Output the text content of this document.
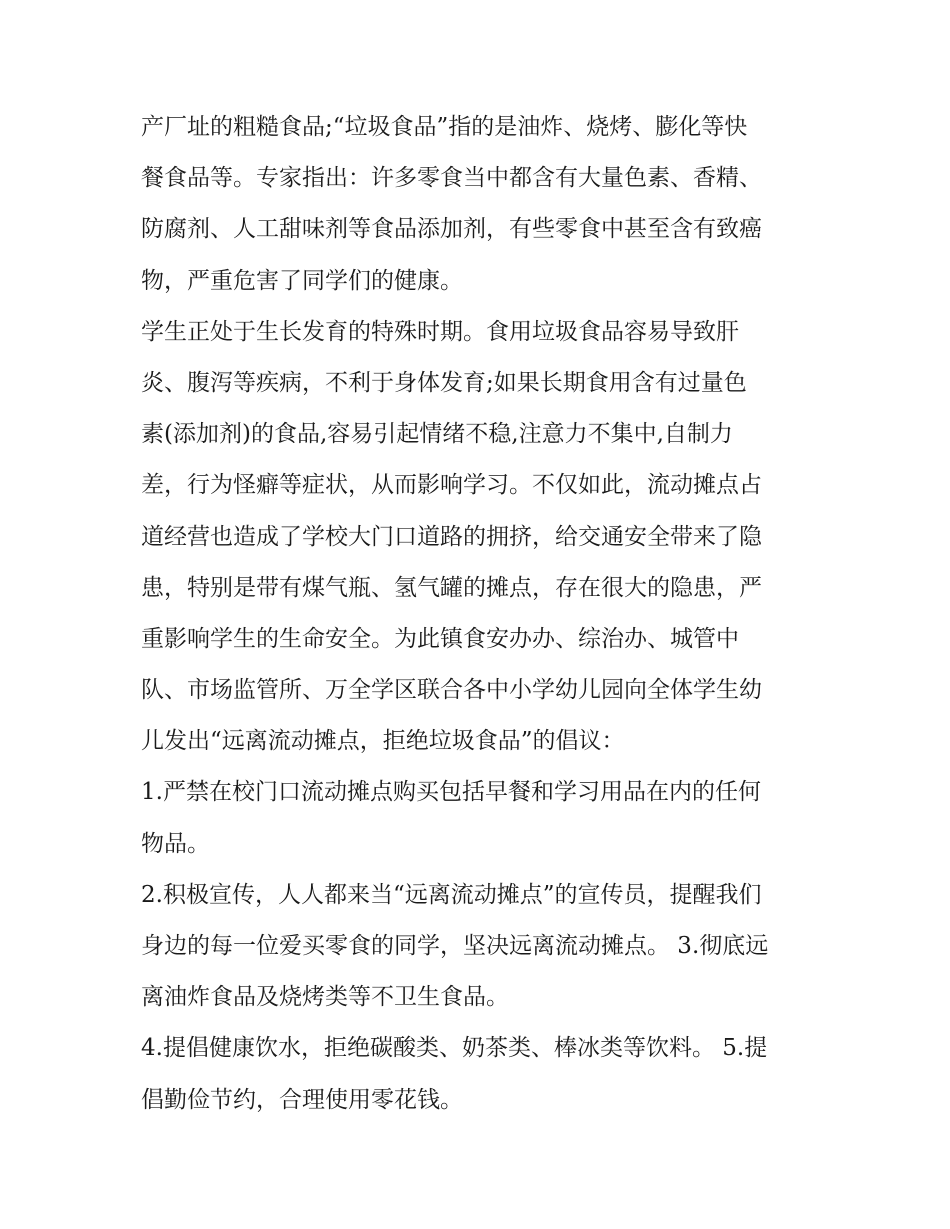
产厂址的粗糙食品;“垃圾食品”指的是油炸、烧烤、膨化等快
餐食品等。专家指出：许多零食当中都含有大量色素、香精、
防腐剂、人工甜味剂等食品添加剂，有些零食中甚至含有致癌
物，严重危害了同学们的健康。
学生正处于生长发育的特殊时期。食用垃圾食品容易导致肝
炎、腹泻等疾病，不利于身体发育;如果长期食用含有过量色
素(添加剂)的食品,容易引起情绪不稳,注意力不集中,自制力
差，行为怪癖等症状，从而影响学习。不仅如此，流动摊点占
道经营也造成了学校大门口道路的拥挤，给交通安全带来了隐
患，特别是带有煤气瓶、氢气罐的摊点，存在很大的隐患，严
重影响学生的生命安全。为此镇食安办办、综治办、城管中
队、市场监管所、万全学区联合各中小学幼儿园向全体学生幼
儿发出“远离流动摊点，拒绝垃圾食品”的倡议：
1.严禁在校门口流动摊点购买包括早餐和学习用品在内的任何
物品。
2.积极宣传，人人都来当“远离流动摊点”的宣传员，提醒我们
身边的每一位爱买零食的同学，坚决远离流动摊点。 3.彻底远
离油炸食品及烧烤类等不卫生食品。
4.提倡健康饮水，拒绝碳酸类、奶茶类、棒冰类等饮料。 5.提
倡勤俭节约，合理使用零花钱。
